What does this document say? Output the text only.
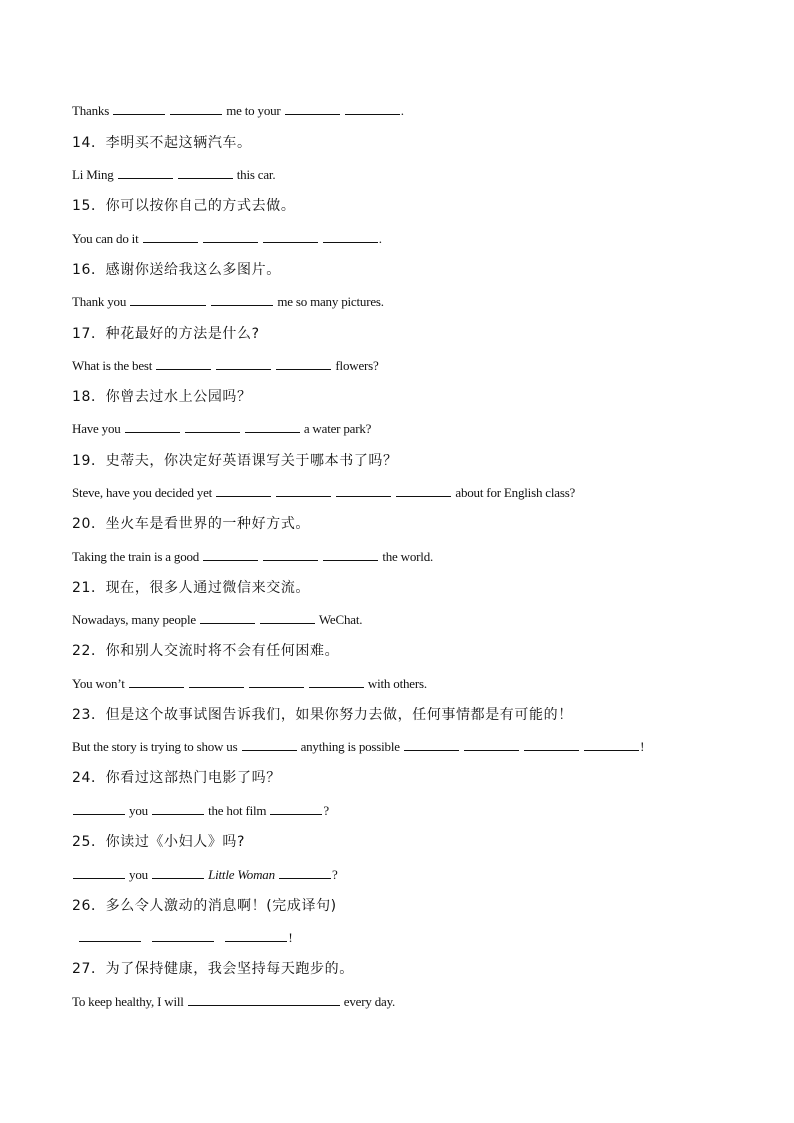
Thanks	me to your	.
14．李明买不起这辆汽车。
Li Ming	this car.
15．你可以按你自己的方式去做。
You can do it	.
16．感谢你送给我这么多图片。
Thank you	me so many pictures.
17．种花最好的方法是什么?
What is the best	flowers?
18．你曾去过水上公园吗？
Have you	a water park?
19．史蒂夫，你决定好英语课写关于哪本书了吗？
Steve, have you decided yet	about for English class?
20．坐火车是看世界的一种好方式。
Taking the train is a good	the world.
21．现在，很多人通过微信来交流。
Nowadays, many people	WeChat.
22．你和别人交流时将不会有任何困难。
You won’t	with others.
23．但是这个故事试图告诉我们，如果你努力去做，任何事情都是有可能的！
But the story is trying to show us	anything is possible	!
24．你看过这部热门电影了吗？
you	the hot film	?
25．你读过《小妇人》吗?
you	Little Woman	?
26．多么令人激动的消息啊！(完成译句)
!
27．为了保持健康，我会坚持每天跑步的。
To keep healthy, I will	every day.
